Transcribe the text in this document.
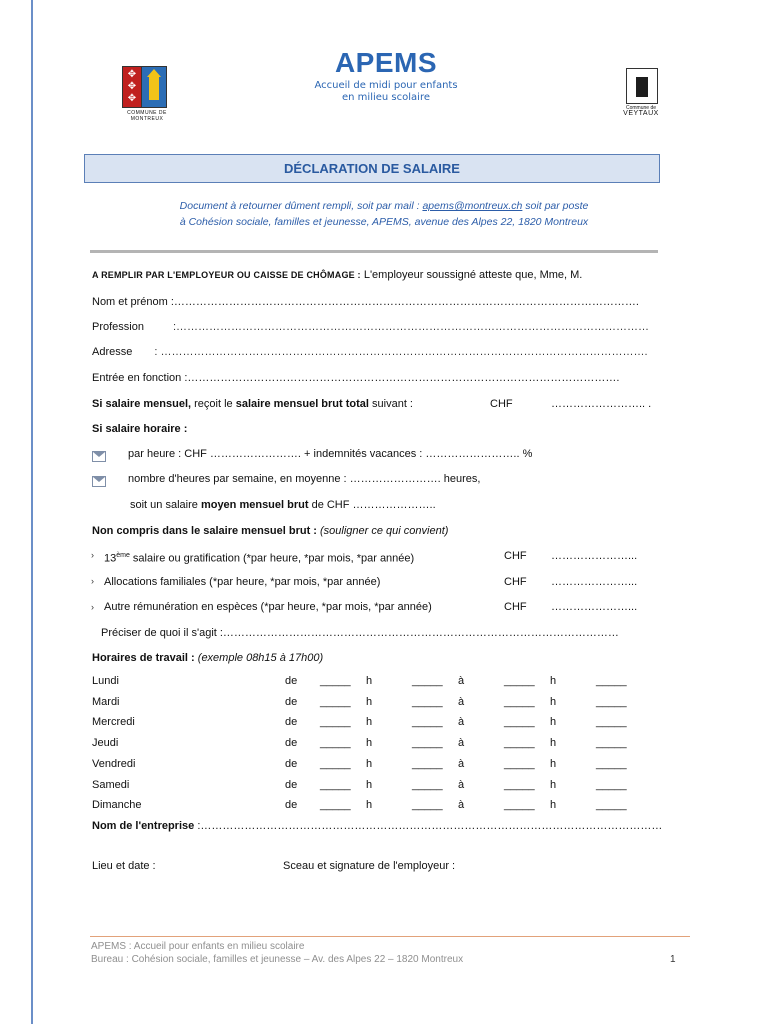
✥
✥
✥
COMMUNE DE MONTREUX
APEMS
Accueil de midi pour enfants
en milieu scolaire
Commune de
VEYTAUX
DÉCLARATION DE SALAIRE
Document à retourner dûment rempli, soit par mail : apems@montreux.ch soit par poste
à Cohésion sociale, familles et jeunesse, APEMS, avenue des Alpes 22, 1820 Montreux
A REMPLIR PAR L'EMPLOYEUR OU CAISSE DE CHÔMAGE : L'employeur soussigné atteste que, Mme, M.
Nom et prénom :……………………………………………………………………………………………………………….
Profession	:…………………………………………………………………………………………………………………
Adresse : …………………………………………………………………………………………………………………….
Entrée en fonction :……………………………………………………………………………………………………….
Si salaire mensuel, reçoit le salaire mensuel brut total suivant :	CHF	…………………….. .
Si salaire horaire :
par heure : CHF ……………………. + indemnités vacances : …………………….. %
nombre d'heures par semaine, en moyenne : ……………………. heures,
soit un salaire moyen mensuel brut de CHF …………………..
Non compris dans le salaire mensuel brut : (souligner ce qui convient)
› 13ème salaire ou gratification (*par heure, *par mois, *par année)	CHF …………………...
› Allocations familiales (*par heure, *par mois, *par année)	CHF …………………...
› Autre rémunération en espèces (*par heure, *par mois, *par année)	CHF …………………...
Préciser de quoi il s'agit :………………………………………………………………………………………………
Horaires de travail : (exemple 08h15 à 17h00)
Lundi	de _____ h	_____ à	_____ h	_____
Mardi	de _____ h	_____ à	_____ h	_____
Mercredi	de _____ h	_____ à	_____ h	_____
Jeudi	de _____ h	_____ à	_____ h	_____
Vendredi	de _____ h	_____ à	_____ h	_____
Samedi	de _____ h	_____ à	_____ h	_____
Dimanche	de _____ h	_____ à	_____ h	_____
Nom de l'entreprise :………………………………………………………………………………………………………………
Lieu et date :	Sceau et signature de l'employeur :
APEMS : Accueil pour enfants en milieu scolaire
Bureau : Cohésion sociale, familles et jeunesse – Av. des Alpes 22 – 1820 Montreux	1
